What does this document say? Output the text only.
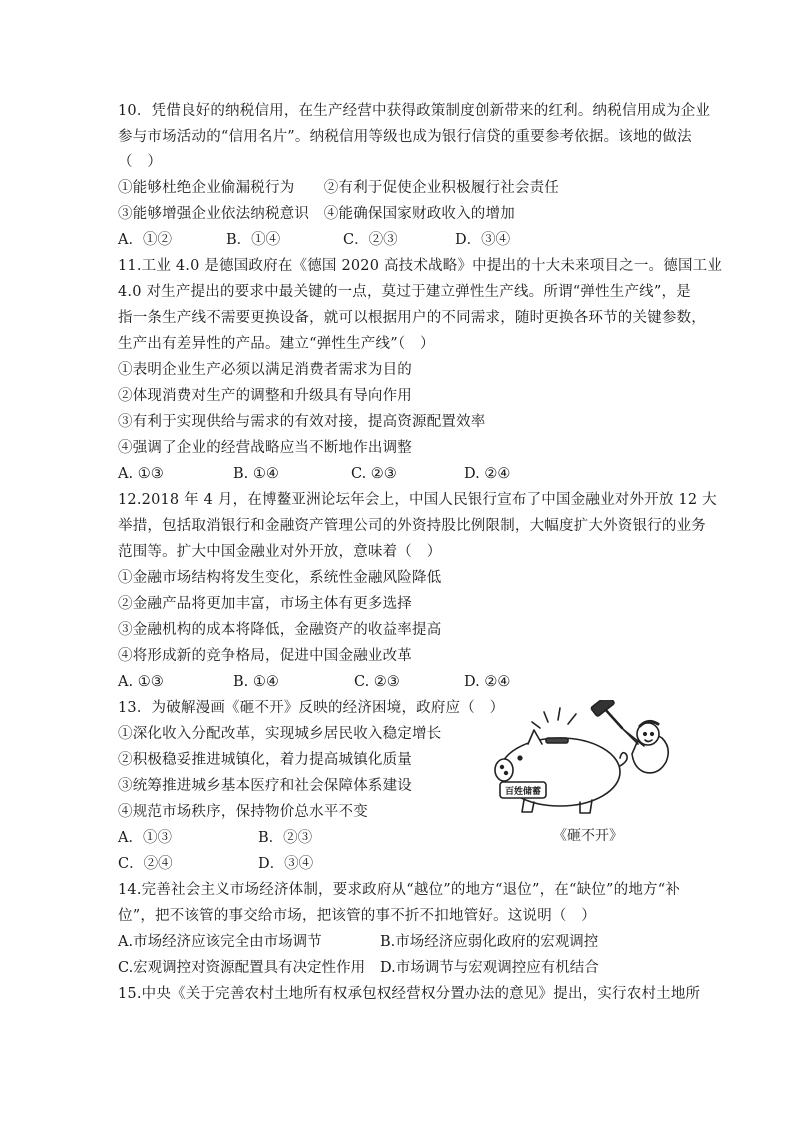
10．凭借良好的纳税信用，在生产经营中获得政策制度创新带来的红利。纳税信用成为企业
参与市场活动的“信用名片”。纳税信用等级也成为银行信贷的重要参考依据。该地的做法
（　）
①能够杜绝企业偷漏税行为　　②有利于促使企业积极履行社会责任
③能够增强企业依法纳税意识　④能确保国家财政收入的增加
A．①②	B．①④	C．②③	D．③④
11.工业 4.0 是德国政府在《德国 2020 高技术战略》中提出的十大未来项目之一。德国工业
4.0 对生产提出的要求中最关键的一点，莫过于建立弹性生产线。所谓“弹性生产线”，是
指一条生产线不需要更换设备，就可以根据用户的不同需求，随时更换各环节的关键参数，
生产出有差异性的产品。建立“弹性生产线”（　）
①表明企业生产必须以满足消费者需求为目的
②体现消费对生产的调整和升级具有导向作用
③有利于实现供给与需求的有效对接，提高资源配置效率
④强调了企业的经营战略应当不断地作出调整
A. ①③	B. ①④	C. ②③	D. ②④
12.2018 年 4 月，在博鳌亚洲论坛年会上，中国人民银行宣布了中国金融业对外开放 12 大
举措，包括取消银行和金融资产管理公司的外资持股比例限制，大幅度扩大外资银行的业务
范围等。扩大中国金融业对外开放，意味着（　）
①金融市场结构将发生变化，系统性金融风险降低
②金融产品将更加丰富，市场主体有更多选择
③金融机构的成本将降低，金融资产的收益率提高
④将形成新的竞争格局，促进中国金融业改革
A. ①③	B. ①④	C. ②③	D. ②④
13．为破解漫画《砸不开》反映的经济困境，政府应（　）
①深化收入分配改革，实现城乡居民收入稳定增长
②积极稳妥推进城镇化，着力提高城镇化质量
③统筹推进城乡基本医疗和社会保障体系建设
④规范市场秩序，保持物价总水平不变
A．①③	B．②③
C．②④	D．③④
百姓储蓄
《砸不开》
14.完善社会主义市场经济体制，要求政府从“越位”的地方“退位”，在“缺位”的地方“补
位”，把不该管的事交给市场，把该管的事不折不扣地管好。这说明（　）
A.市场经济应该完全由市场调节	B.市场经济应弱化政府的宏观调控
C.宏观调控对资源配置具有决定性作用 D.市场调节与宏观调控应有机结合
15.中央《关于完善农村土地所有权承包权经营权分置办法的意见》提出，实行农村土地所
